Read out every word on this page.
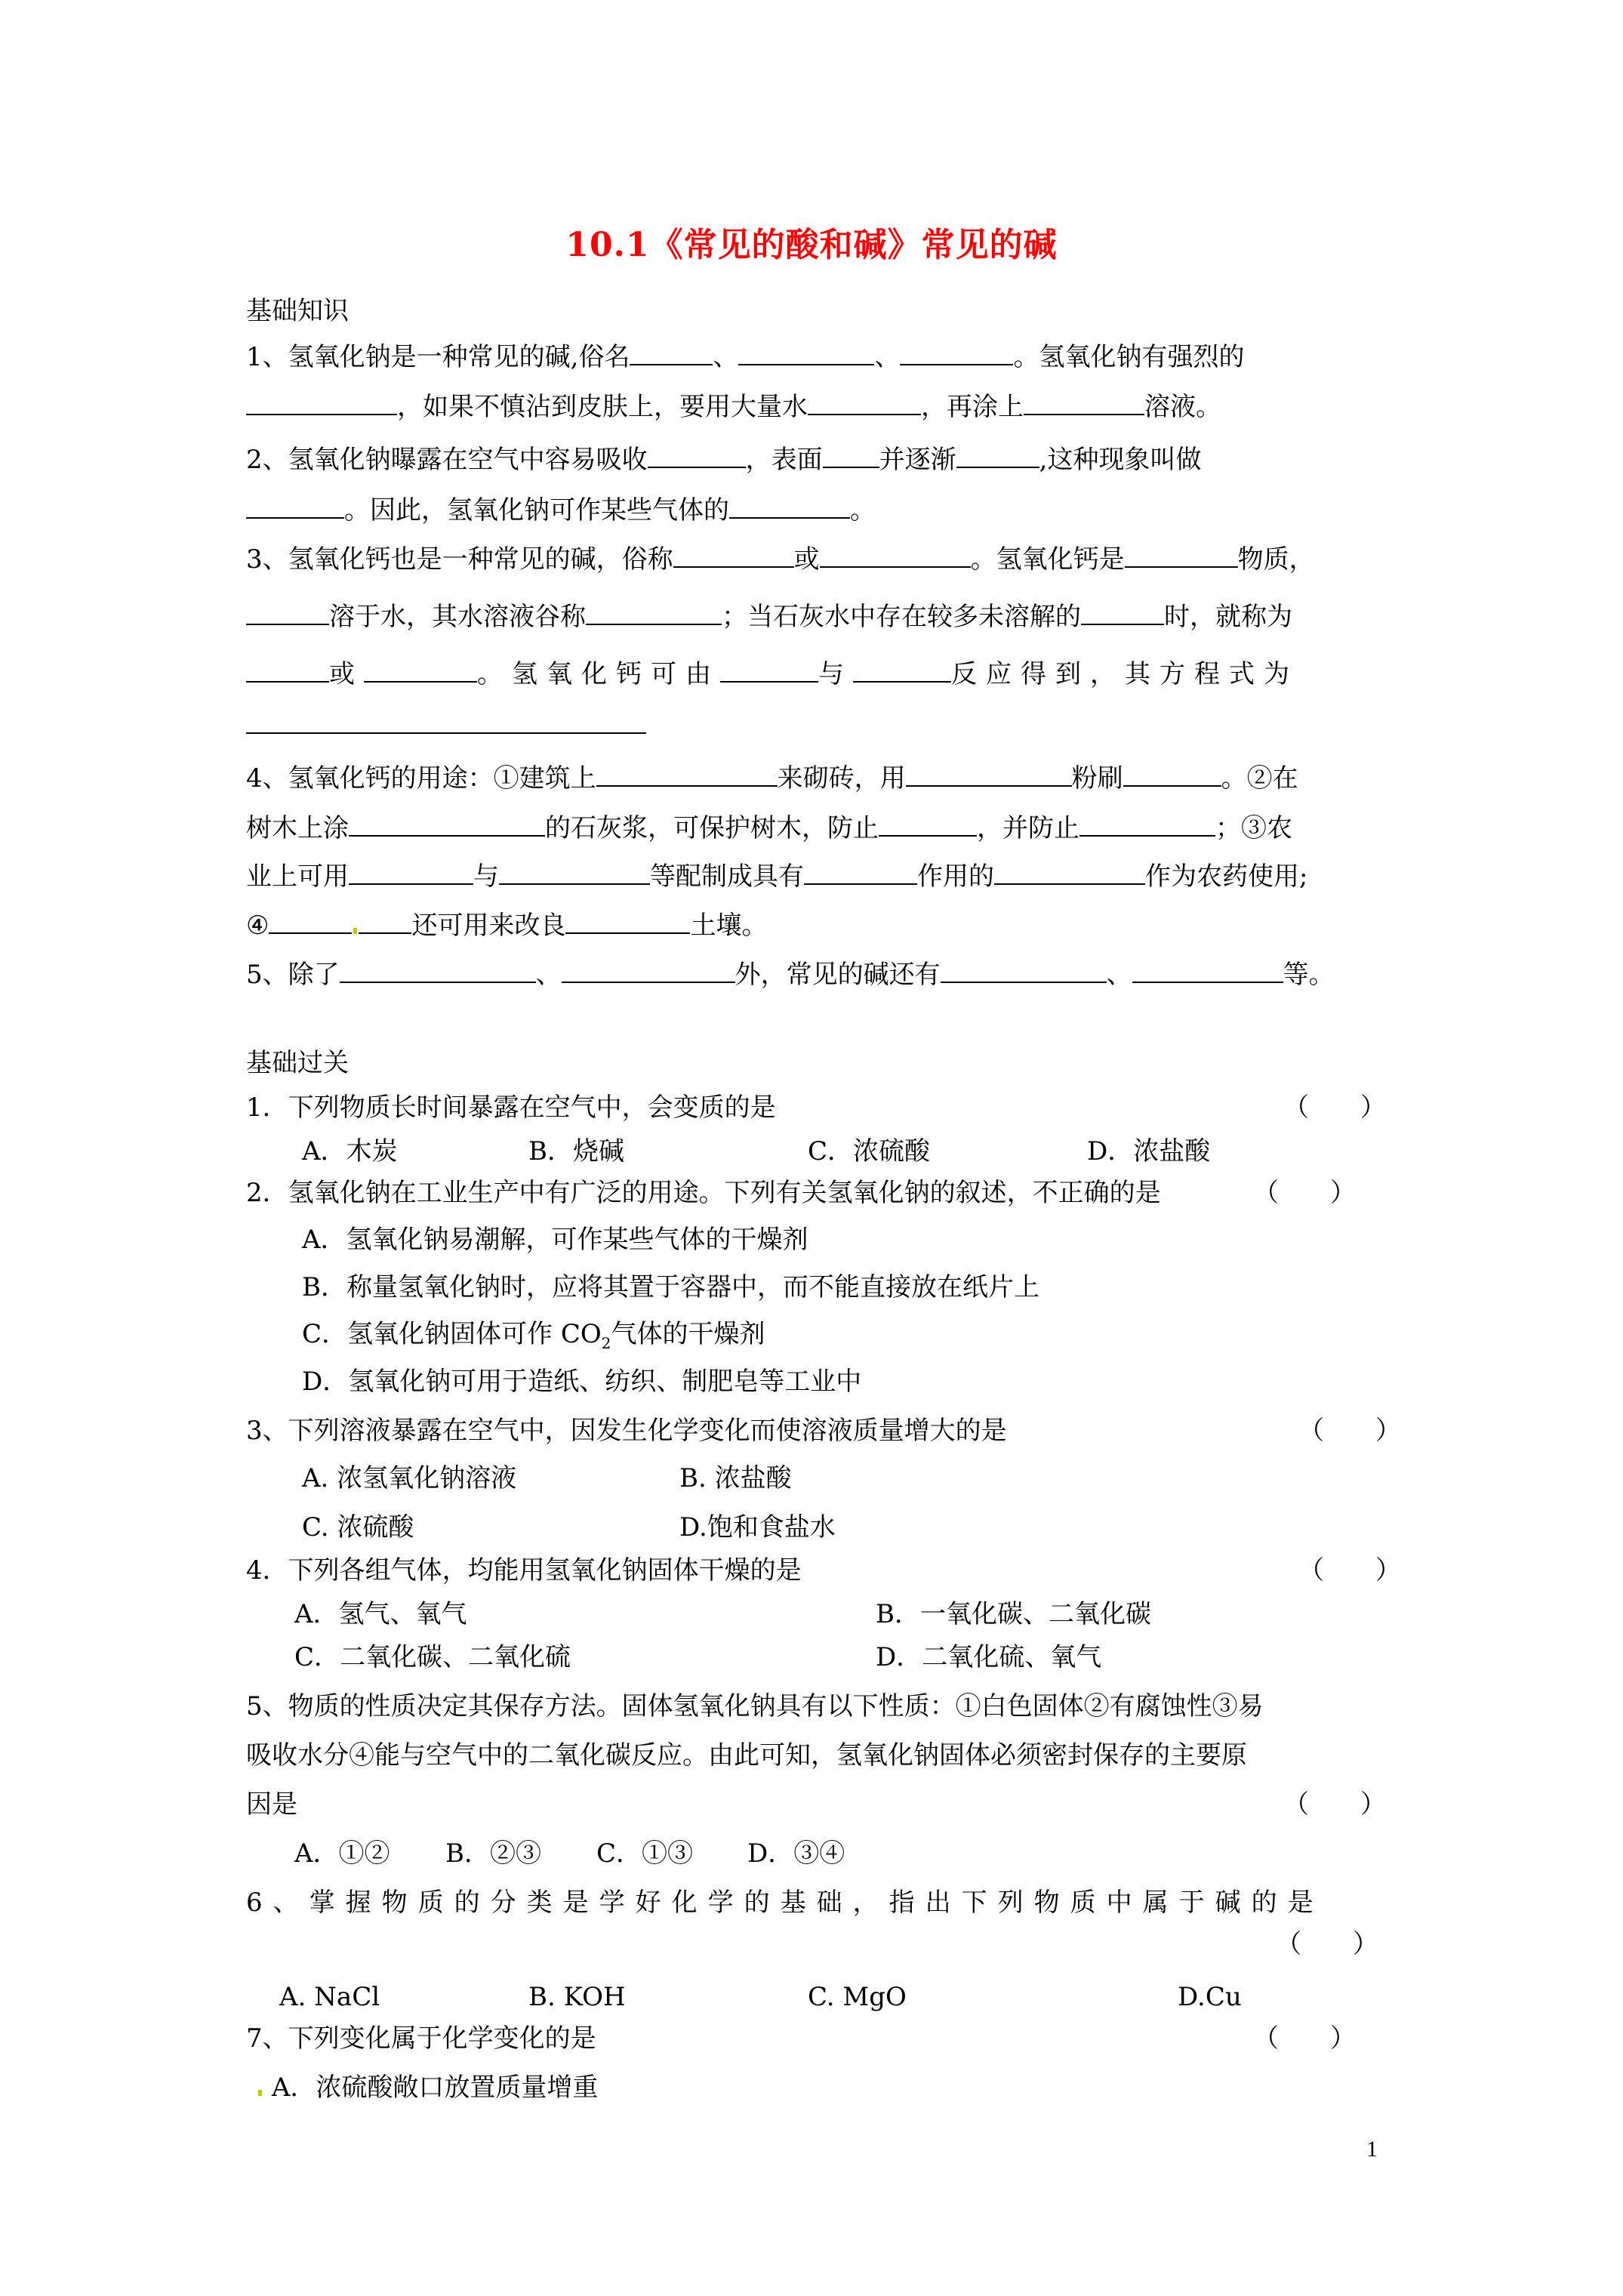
10.1《常见的酸和碱》常见的碱
基础知识
1、氢氧化钠是一种常见的碱,俗名	、	、	。氢氧化钠有强烈的
，如果不慎沾到皮肤上，要用大量水	，再涂上	溶液。
2、氢氧化钠曝露在空气中容易吸收	，表面 并逐渐	,这种现象叫做
。因此，氢氧化钠可作某些气体的	。
3、氢氧化钙也是一种常见的碱，俗称	或	。氢氧化钙是	物质，
溶于水，其水溶液谷称	；当石灰水中存在较多未溶解的	时，就称为
或	。氢氧化钙可由	与	反应得到，其方程式为
4、氢氧化钙的用途：①建筑上	来砌砖，用	粉刷	。②在
树木上涂	的石灰浆，可保护树木，防止	，并防止	；③农
业上可用	与	等配制成具有	作用的	作为农药使用;
④	还可用来改良	土壤。
5、除了	、	外，常见的碱还有	、	等。
基础过关
1．下列物质长时间暴露在空气中，会变质的是	（　　）
A．木炭	B．烧碱	C．浓硫酸	D．浓盐酸
2．氢氧化钠在工业生产中有广泛的用途。下列有关氢氧化钠的叙述，不正确的是	（　　）
A．氢氧化钠易潮解，可作某些气体的干燥剂
B．称量氢氧化钠时，应将其置于容器中，而不能直接放在纸片上
C．氢氧化钠固体可作 $CO_2$气体的干燥剂
D．氢氧化钠可用于造纸、纺织、制肥皂等工业中
3、下列溶液暴露在空气中，因发生化学变化而使溶液质量增大的是	（　　）
A. 浓氢氧化钠溶液	B. 浓盐酸
C. 浓硫酸	D.饱和食盐水
4．下列各组气体，均能用氢氧化钠固体干燥的是	（　　）
A．氢气、氧气	B．一氧化碳、二氧化碳
C．二氧化碳、二氧化硫	D．二氧化硫、氧气
5、物质的性质决定其保存方法。固体氢氧化钠具有以下性质：①白色固体②有腐蚀性③易
吸收水分④能与空气中的二氧化碳反应。由此可知，氢氧化钠固体必须密封保存的主要原
因是	（　　）
A．①② B．②③ C．①③ D．③④
6、掌握物质的分类是学好化学的基础，指出下列物质中属于碱的是
（　　）
A. NaCl	B. KOH	C. MgO	D.Cu
7、下列变化属于化学变化的是	（　　）
A．浓硫酸敞口放置质量增重
1
